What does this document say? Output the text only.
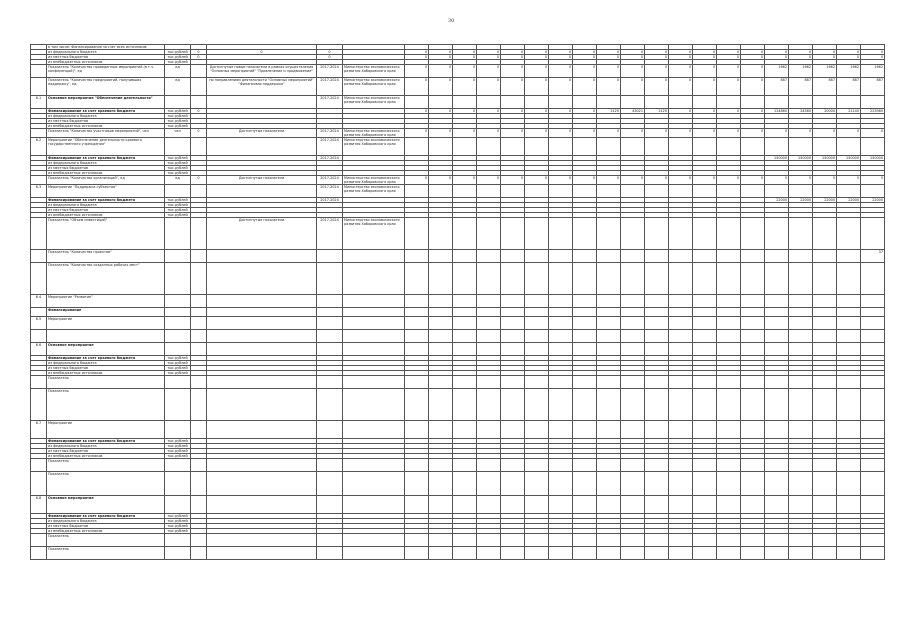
30
	в том числе: Финансирование за счет всех источников																									
	из федерального бюджета	тыс.рублей	0	0	0		0	0	0	0	0	0	0	0	0	0	0	0	0	0	0	0	0	0	0	0
	из местных бюджетов	тыс.рублей	0		0		0	0	0	0	0	0	0	0	0	0	0	0	0	0	0	0	0	0	0	0
	из внебюджетных источников	тыс.рублей																								
	Показатель "Количество проведенных мероприятий (в т.ч. конференций)", ед	ед		Достигнутые новые показатели в рамках осуществления "Основных мероприятий" "Привлечение и продвижение"	2017-2024	Министерство экономического развития Хабаровского края	0	0	0	0	0	0	0	0	0	0	0	0	0	0	0	1662	1662	1662	1662	1662
	Показатель "Количество предприятий, получивших поддержку", ед	ед		по направлениям деятельности "Основных мероприятий" "Финансовая поддержка"	2017-2024	Министерство экономического развития Хабаровского края	0	0	0	0	0	0	0	0	0	0	0	0	0	0	0	887	887	887	887	887
6.1	Основное мероприятие "Обеспечение деятельности"				2017-2024	Министерство экономического развития Хабаровского края																				
	Финансирование за счет краевого бюджета	тыс.рублей	0				0	0	0	0	0	0	0	0	2120	43021	2120	0	0	0	0	124860	24580	20000	21140	223980
	из федерального бюджета	тыс.рублей																								
	из местных бюджетов	тыс.рублей																								
	из внебюджетных источников	тыс.рублей																								
	Показатель "Количество участников мероприятий", чел	чел	0	Достигнутые показатели	2017-2024	Министерство экономического развития Хабаровского края	0	0	0	0	0	0	0	0	0	0	0	0	0	0	0	0	0	0	0	0
6.2	Мероприятие "Обеспечение деятельности краевого государственного учреждения"				2017-2024	Министерство экономического развития Хабаровского края																				
	Финансирование за счет краевого бюджета	тыс.рублей			2017-2024																	150000	150000	150000	150000	150000
	из федерального бюджета	тыс.рублей																								
	из местных бюджетов	тыс.рублей																								
	из внебюджетных источников	тыс.рублей																								
	Показатель "Количество организаций", ед	ед	0	Достигнутые показатели	2017-2024	Министерство экономического развития Хабаровского края	0	0	0	0	0	0	0	0	0	0	0	0	0	0	0	5	5	5	5	5
6.3	Мероприятие "Поддержка субъектов"				2017-2024	Министерство экономического развития Хабаровского края																				
	Финансирование за счет краевого бюджета	тыс.рублей			2017-2024																	22000	22000	22000	22000	22000
	из федерального бюджета	тыс.рублей																								
	из местных бюджетов	тыс.рублей																								
	из внебюджетных источников	тыс.рублей																								
	Показатель "Объем инвестиций"			Достигнутые показатели	2017-2024	Министерство экономического развития Хабаровского края																				
	Показатель "Количество проектов"																									37
	Показатель "Количество созданных рабочих мест"																									
6.4	Мероприятие "Развитие"																									
	Финансирование																									
6.5	Мероприятие																									

6.6	Основное мероприятие																									
	Финансирование за счет краевого бюджета	тыс.рублей																								
	из федерального бюджета	тыс.рублей																								
	из местных бюджетов	тыс.рублей																								
	из внебюджетных источников	тыс.рублей																								
	Показатель																									
	Показатель																									
6.7	Мероприятие																									
	Финансирование за счет краевого бюджета	тыс.рублей																								
	из федерального бюджета	тыс.рублей																								
	из местных бюджетов	тыс.рублей																								
	из внебюджетных источников	тыс.рублей																								
	Показатель																									
	Показатель																									
6.8	Основное мероприятие																									
	Финансирование за счет краевого бюджета	тыс.рублей																								
	из федерального бюджета	тыс.рублей																								
	из местных бюджетов	тыс.рублей																								
	из внебюджетных источников	тыс.рублей																								
	Показатель																									
	Показатель																									
